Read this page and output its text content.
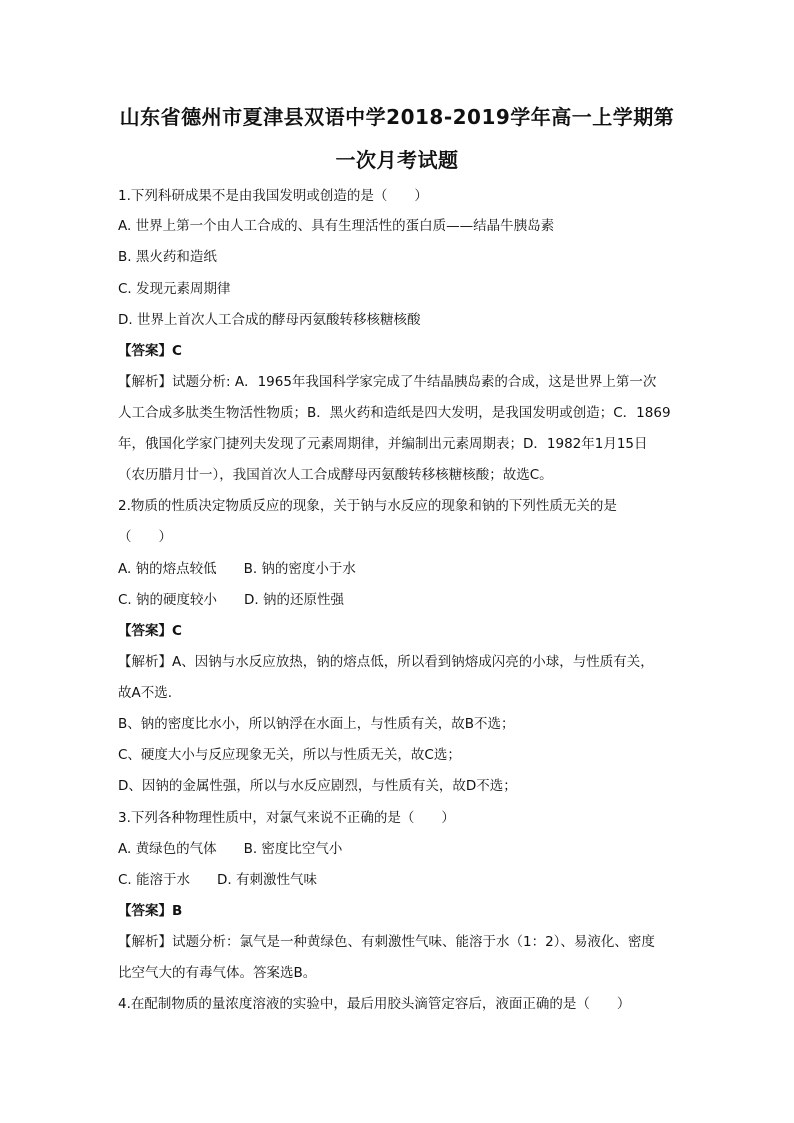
山东省德州市夏津县双语中学2018-2019学年高一上学期第
一次月考试题
1.下列科研成果不是由我国发明或创造的是（　　）
A. 世界上第一个由人工合成的、具有生理活性的蛋白质——结晶牛胰岛素
B. 黑火药和造纸
C. 发现元素周期律
D. 世界上首次人工合成的酵母丙氨酸转移核糖核酸
【答案】C
【解析】试题分析: A．1965年我国科学家完成了牛结晶胰岛素的合成，这是世界上第一次
人工合成多肽类生物活性物质；B．黑火药和造纸是四大发明，是我国发明或创造；C．1869
年，俄国化学家门捷列夫发现了元素周期律，并编制出元素周期表；D．1982年1月15日
（农历腊月廿一），我国首次人工合成酵母丙氨酸转移核糖核酸；故选C。
2.物质的性质决定物质反应的现象，关于钠与水反应的现象和钠的下列性质无关的是
（　　）
A. 钠的熔点较低　　B. 钠的密度小于水
C. 钠的硬度较小　　D. 钠的还原性强
【答案】C
【解析】A、因钠与水反应放热，钠的熔点低，所以看到钠熔成闪亮的小球，与性质有关，
故A不选.
B、钠的密度比水小，所以钠浮在水面上，与性质有关，故B不选；
C、硬度大小与反应现象无关，所以与性质无关，故C选；
D、因钠的金属性强，所以与水反应剧烈，与性质有关，故D不选；
3.下列各种物理性质中，对氯气来说不正确的是（　　）
A. 黄绿色的气体　　B. 密度比空气小
C. 能溶于水　　D. 有刺激性气味
【答案】B
【解析】试题分析：氯气是一种黄绿色、有刺激性气味、能溶于水（1：2）、易液化、密度
比空气大的有毒气体。答案选B。
4.在配制物质的量浓度溶液的实验中，最后用胶头滴管定容后，液面正确的是（　　）
